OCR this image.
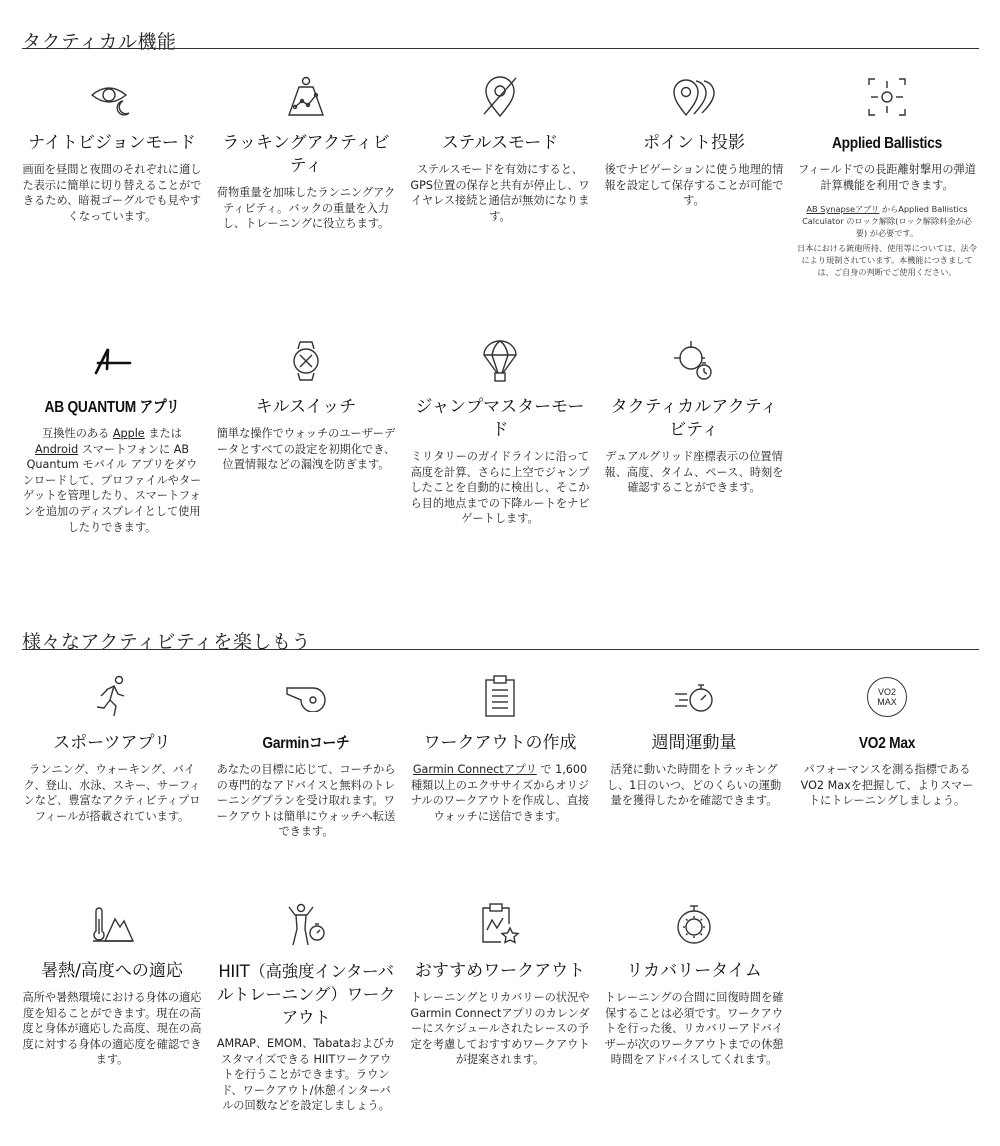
タクティカル機能
ナイトビジョンモード

画面を昼間と夜間のそれぞれに適した表示に簡単に切り替えることができるため、暗視ゴーグルでも見やすくなっています。

ラッキングアクティビティ

荷物重量を加味したランニングアクティビティ。バックの重量を入力し、トレーニングに役立ちます。

ステルスモード

ステルスモードを有効にすると、GPS位置の保存と共有が停止し、ワイヤレス接続と通信が無効になります。

ポイント投影

後でナビゲーションに使う地理的情報を設定して保存することが可能です。

Applied Ballistics

フィールドでの長距離射撃用の弾道計算機能を利用できます。

AB Synapseアプリ からApplied Ballistics Calculator のロック解除(ロック解除料金が必要) が必要です。
日本における銃砲所持、使用等については、法令により規制されています。本機能につきましては、ご自身の判断でご使用ください。
AB QUANTUM アプリ

互換性のある Apple または Android スマートフォンに AB Quantum モバイル アプリをダウンロードして、プロファイルやターゲットを管理したり、スマートフォンを追加のディスプレイとして使用したりできます。

キルスイッチ

簡単な操作でウォッチのユーザーデータとすべての設定を初期化でき、位置情報などの漏洩を防ぎます。

ジャンプマスターモード

ミリタリーのガイドラインに沿って高度を計算、さらに上空でジャンプしたことを自動的に検出し、そこから目的地点までの下降ルートをナビゲートします。

タクティカルアクティビティ

デュアルグリッド座標表示の位置情報、高度、タイム、ペース、時刻を確認することができます。

様々なアクティビティを楽しもう
スポーツアプリ

ランニング、ウォーキング、バイク、登山、水泳、スキー、サーフィンなど、豊富なアクティビティプロフィールが搭載されています。

Garminコーチ

あなたの目標に応じて、コーチからの専門的なアドバイスと無料のトレーニングプランを受け取れます。ワークアウトは簡単にウォッチへ転送できます。

ワークアウトの作成

Garmin Connectアプリ で 1,600 種類以上のエクササイズからオリジナルのワークアウトを作成し、直接ウォッチに送信できます。

週間運動量

活発に動いた時間をトラッキングし、1日のいつ、どのくらいの運動量を獲得したかを確認できます。

VO2
MAX
VO2 Max

パフォーマンスを測る指標であるVO2 Maxを把握して、よりスマートにトレーニングしましょう。

暑熱/高度への適応

高所や暑熱環境における身体の適応度を知ることができます。現在の高度と身体が適応した高度、現在の高度に対する身体の適応度を確認できます。

HIIT（高強度インターバルトレーニング）ワークアウト

AMRAP、EMOM、Tabataおよびカスタマイズできる HIITワークアウトを行うことができます。ラウンド、ワークアウト/休憩インターバルの回数などを設定しましょう。

おすすめワークアウト

トレーニングとリカバリーの状況や Garmin Connectアプリのカレンダーにスケジュールされたレースの予定を考慮しておすすめワークアウトが提案されます。

リカバリータイム

トレーニングの合間に回復時間を確保することは必須です。ワークアウトを行った後、リカバリーアドバイザーが次のワークアウトまでの休憩時間をアドバイスしてくれます。
